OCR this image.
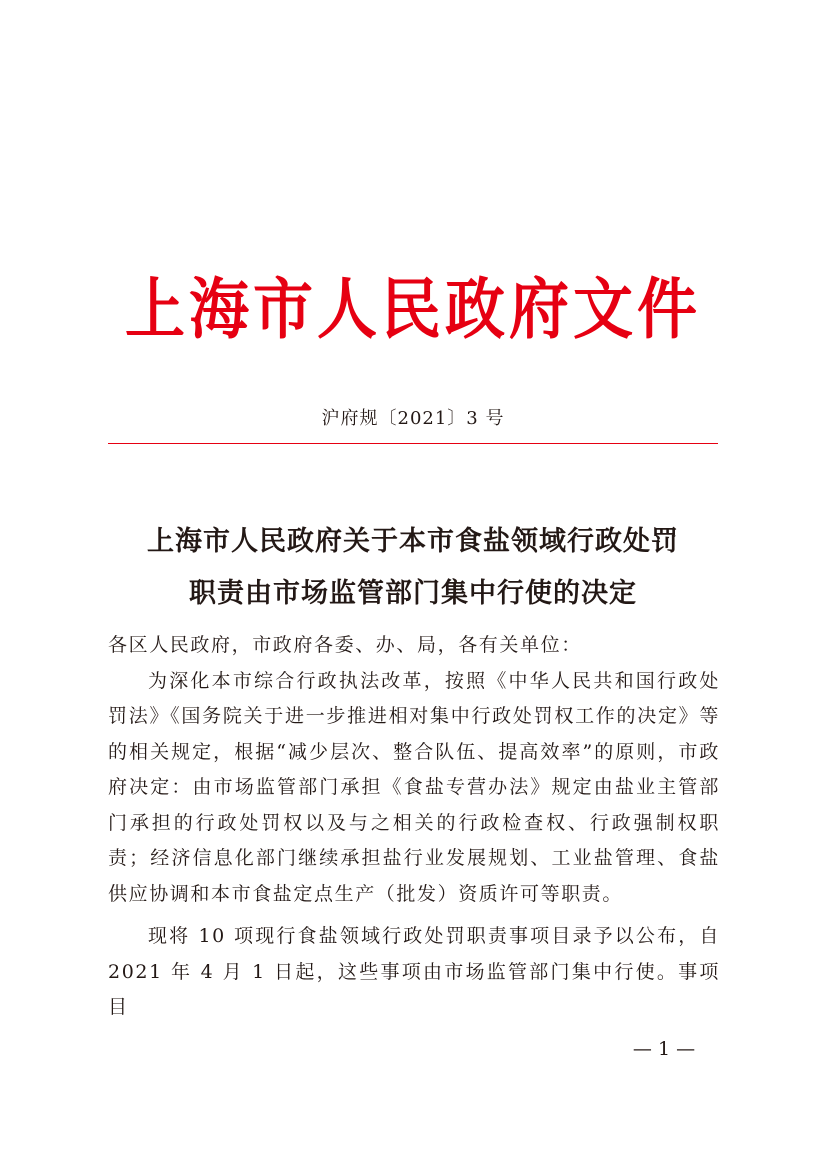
上海市人民政府文件
沪府规〔2021〕3 号
上海市人民政府关于本市食盐领域行政处罚
职责由市场监管部门集中行使的决定

各区人民政府，市政府各委、办、局，各有关单位：

为深化本市综合行政执法改革，按照《中华人民共和国行政处罚法》《国务院关于进一步推进相对集中行政处罚权工作的决定》等的相关规定，根据“减少层次、整合队伍、提高效率”的原则，市政府决定：由市场监管部门承担《食盐专营办法》规定由盐业主管部门承担的行政处罚权以及与之相关的行政检查权、行政强制权职责；经济信息化部门继续承担盐行业发展规划、工业盐管理、食盐供应协调和本市食盐定点生产（批发）资质许可等职责。

现将 10 项现行食盐领域行政处罚职责事项目录予以公布，自 2021 年 4 月 1 日起，这些事项由市场监管部门集中行使。事项目

— 1 —
